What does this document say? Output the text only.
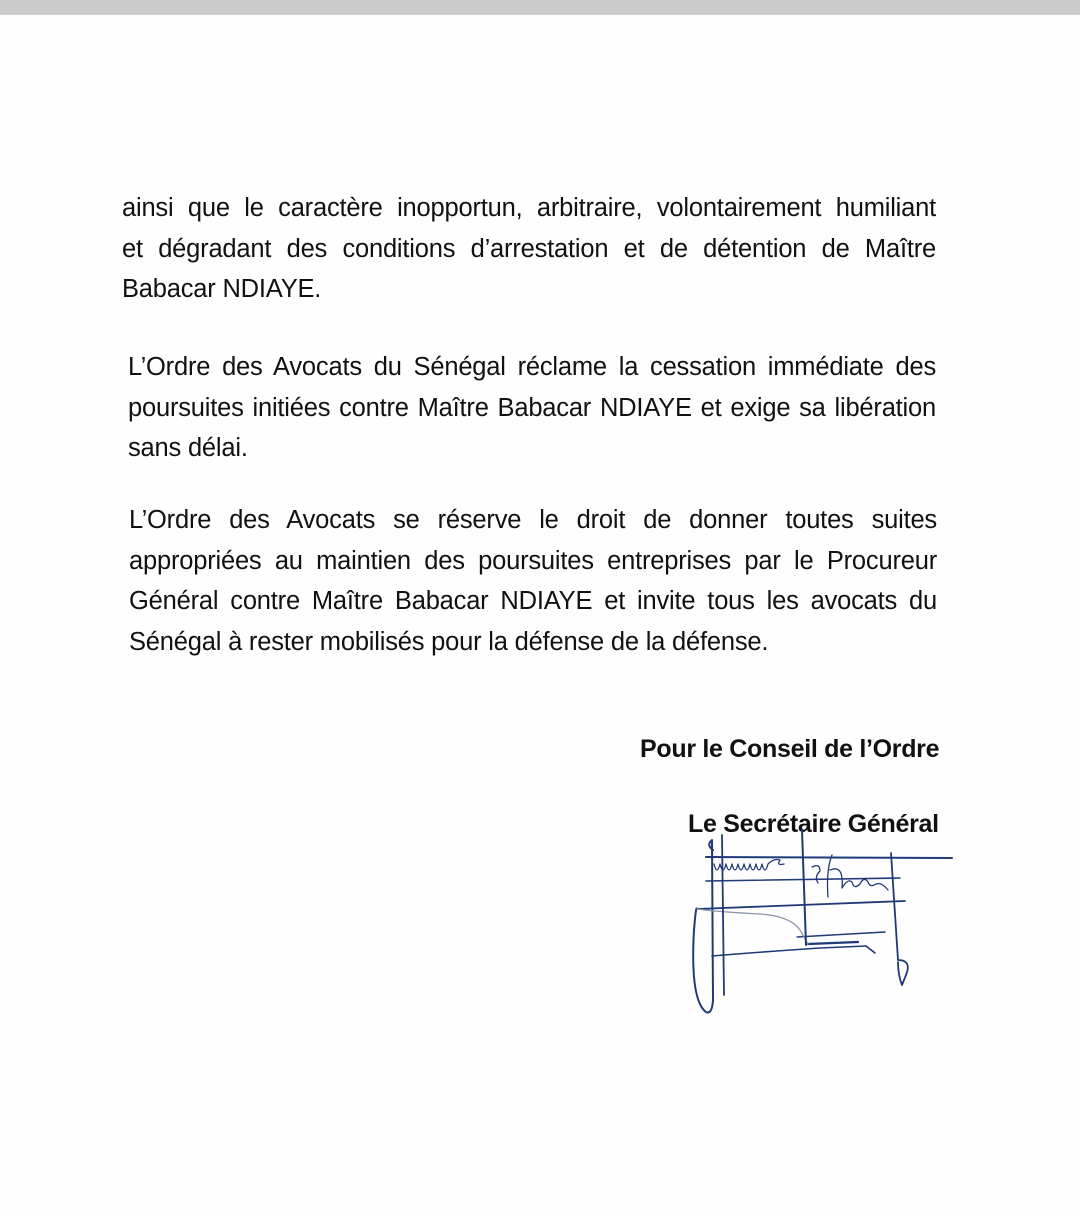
ainsi que le caractère inopportun, arbitraire, volontairement humiliant
et dégradant des conditions d’arrestation et de détention de Maître
Babacar NDIAYE.
L’Ordre des Avocats du Sénégal réclame la cessation immédiate des
poursuites initiées contre Maître Babacar NDIAYE et exige sa libération
sans délai.
L’Ordre des Avocats se réserve le droit de donner toutes suites
appropriées au maintien des poursuites entreprises par le Procureur
Général contre Maître Babacar NDIAYE et invite tous les avocats du
Sénégal à rester mobilisés pour la défense de la défense.
Pour le Conseil de l’Ordre
Le Secrétaire Général
